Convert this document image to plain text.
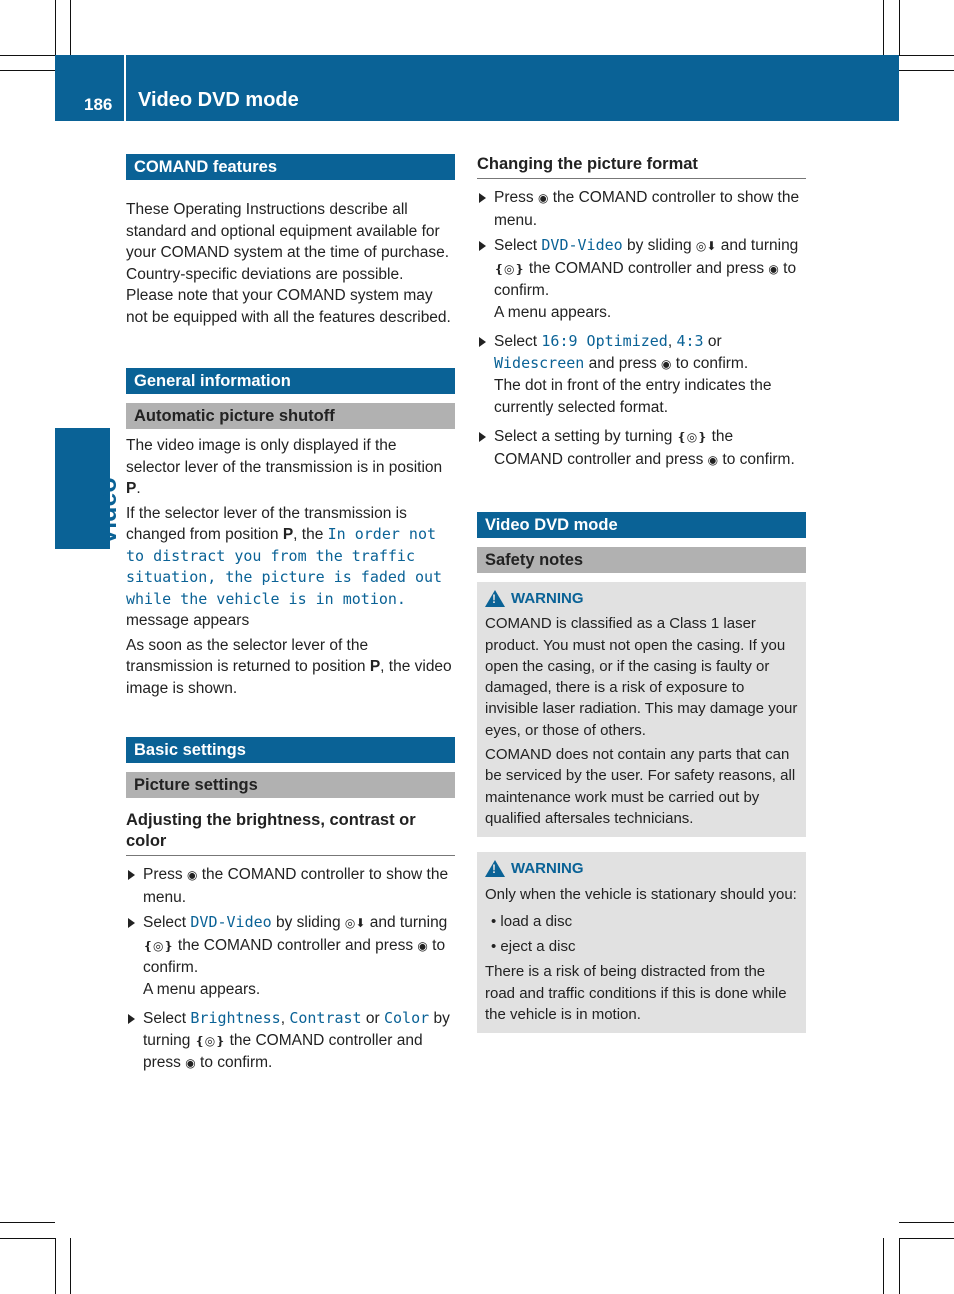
186 Video DVD mode
Video
COMAND features

These Operating Instructions describe all standard and optional equipment available for your COMAND system at the time of purchase. Country-specific deviations are possible. Please note that your COMAND system may not be equipped with all the features described.

General information
Automatic picture shutoff

The video image is only displayed if the selector lever of the transmission is in position P.

If the selector lever of the transmission is changed from position P, the In order not to distract you from the traffic situation, the picture is faded out while the vehicle is in motion.
message appears

As soon as the selector lever of the transmission is returned to position P, the video image is shown.

Basic settings
Picture settings
Adjusting the brightness, contrast or color

Press ◉ the COMAND controller to show the menu.

Select DVD-Video by sliding ◎⬇ and turning ❴◎❵ the COMAND controller and press ◉ to confirm.
A menu appears.

Select Brightness, Contrast or Color by turning ❴◎❵ the COMAND controller and press ◉ to confirm.

Changing the picture format

Press ◉ the COMAND controller to show the menu.

Select DVD-Video by sliding ◎⬇ and turning ❴◎❵ the COMAND controller and press ◉ to confirm.
A menu appears.

Select 16:9 Optimized, 4:3 or Widescreen and press ◉ to confirm.
The dot in front of the entry indicates the currently selected format.

Select a setting by turning ❴◎❵ the COMAND controller and press ◉ to confirm.

Video DVD mode
Safety notes
!
WARNING

COMAND is classified as a Class 1 laser product. You must not open the casing. If you open the casing, or if the casing is faulty or damaged, there is a risk of exposure to invisible laser radiation. This may damage your eyes, or those of others.

COMAND does not contain any parts that can be serviced by the user. For safety reasons, all maintenance work must be carried out by qualified aftersales technicians.

!
WARNING

Only when the vehicle is stationary should you:

• load a disc

• eject a disc

There is a risk of being distracted from the road and traffic conditions if this is done while the vehicle is in motion.
